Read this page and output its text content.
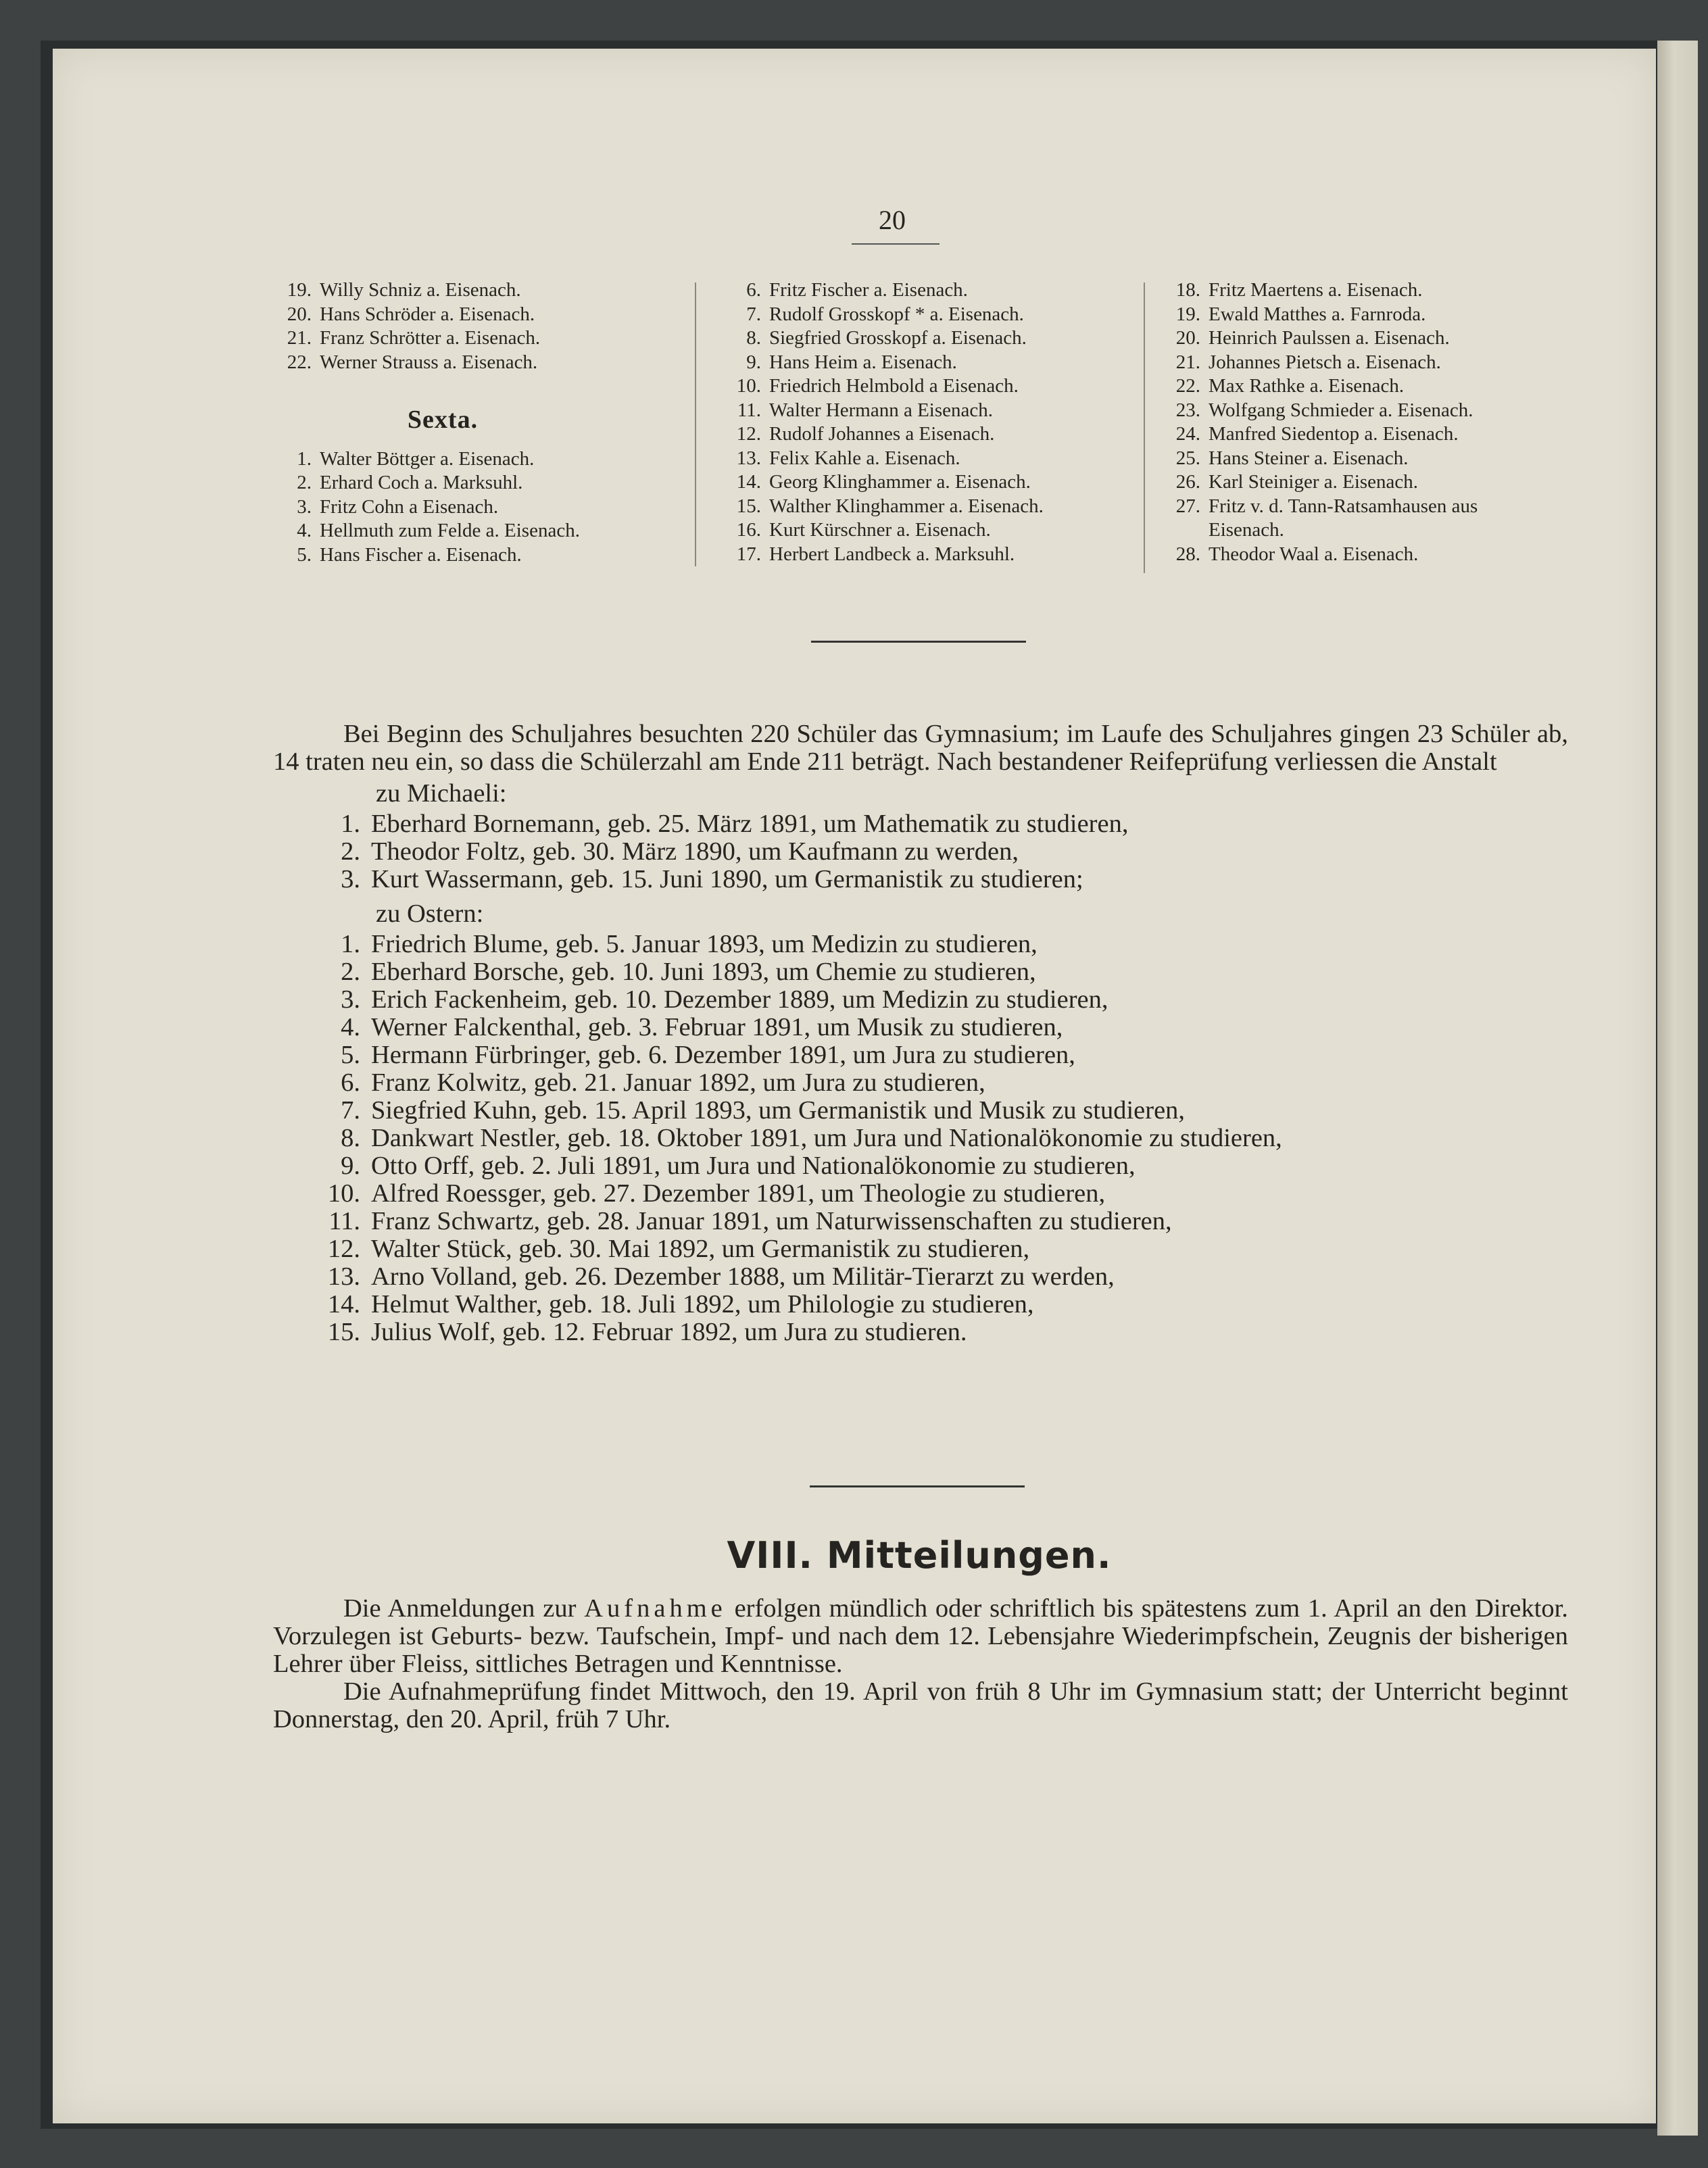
20
19. Willy Schniz a. Eisenach.
20. Hans Schröder a. Eisenach.
21. Franz Schrötter a. Eisenach.
22. Werner Strauss a. Eisenach.
Sexta.
1. Walter Böttger a. Eisenach.
2. Erhard Coch a. Marksuhl.
3. Fritz Cohn a Eisenach.
4. Hellmuth zum Felde a. Eisenach.
5. Hans Fischer a. Eisenach.
6. Fritz Fischer a. Eisenach.
7. Rudolf Grosskopf * a. Eisenach.
8. Siegfried Grosskopf a. Eisenach.
9. Hans Heim a. Eisenach.
10. Friedrich Helmbold a Eisenach.
11. Walter Hermann a Eisenach.
12. Rudolf Johannes a Eisenach.
13. Felix Kahle a. Eisenach.
14. Georg Klinghammer a. Eisenach.
15. Walther Klinghammer a. Eisenach.
16. Kurt Kürschner a. Eisenach.
17. Herbert Landbeck a. Marksuhl.
18. Fritz Maertens a. Eisenach.
19. Ewald Matthes a. Farnroda.
20. Heinrich Paulssen a. Eisenach.
21. Johannes Pietsch a. Eisenach.
22. Max Rathke a. Eisenach.
23. Wolfgang Schmieder a. Eisenach.
24. Manfred Siedentop a. Eisenach.
25. Hans Steiner a. Eisenach.
26. Karl Steiniger a. Eisenach.
27. Fritz v. d. Tann-Ratsamhausen aus
Eisenach.
28. Theodor Waal a. Eisenach.
Bei Beginn des Schuljahres besuchten 220 Schüler das Gymnasium; im Laufe des Schuljahres gingen 23 Schüler ab, 14 traten neu ein, so dass die Schülerzahl am Ende 211 beträgt. Nach bestandener Reifeprüfung verliessen die Anstalt
zu Michaeli:
1. Eberhard Bornemann, geb. 25. März 1891, um Mathematik zu studieren,
2. Theodor Foltz, geb. 30. März 1890, um Kaufmann zu werden,
3. Kurt Wassermann, geb. 15. Juni 1890, um Germanistik zu studieren;
zu Ostern:
1. Friedrich Blume, geb. 5. Januar 1893, um Medizin zu studieren,
2. Eberhard Borsche, geb. 10. Juni 1893, um Chemie zu studieren,
3. Erich Fackenheim, geb. 10. Dezember 1889, um Medizin zu studieren,
4. Werner Falckenthal, geb. 3. Februar 1891, um Musik zu studieren,
5. Hermann Fürbringer, geb. 6. Dezember 1891, um Jura zu studieren,
6. Franz Kolwitz, geb. 21. Januar 1892, um Jura zu studieren,
7. Siegfried Kuhn, geb. 15. April 1893, um Germanistik und Musik zu studieren,
8. Dankwart Nestler, geb. 18. Oktober 1891, um Jura und Nationalökonomie zu studieren,
9. Otto Orff, geb. 2. Juli 1891, um Jura und Nationalökonomie zu studieren,
10. Alfred Roessger, geb. 27. Dezember 1891, um Theologie zu studieren,
11. Franz Schwartz, geb. 28. Januar 1891, um Naturwissenschaften zu studieren,
12. Walter Stück, geb. 30. Mai 1892, um Germanistik zu studieren,
13. Arno Volland, geb. 26. Dezember 1888, um Militär-Tierarzt zu werden,
14. Helmut Walther, geb. 18. Juli 1892, um Philologie zu studieren,
15. Julius Wolf, geb. 12. Februar 1892, um Jura zu studieren.
VIII. Mitteilungen.
Die Anmeldungen zur Aufnahme erfolgen mündlich oder schriftlich bis spätestens zum 1. April an den Direktor. Vorzulegen ist Geburts- bezw. Taufschein, Impf- und nach dem 12. Lebensjahre Wiederimpfschein, Zeugnis der bisherigen Lehrer über Fleiss, sittliches Betragen und Kenntnisse.
Die Aufnahmeprüfung findet Mittwoch, den 19. April von früh 8 Uhr im Gymnasium statt; der Unterricht beginnt Donnerstag, den 20. April, früh 7 Uhr.
